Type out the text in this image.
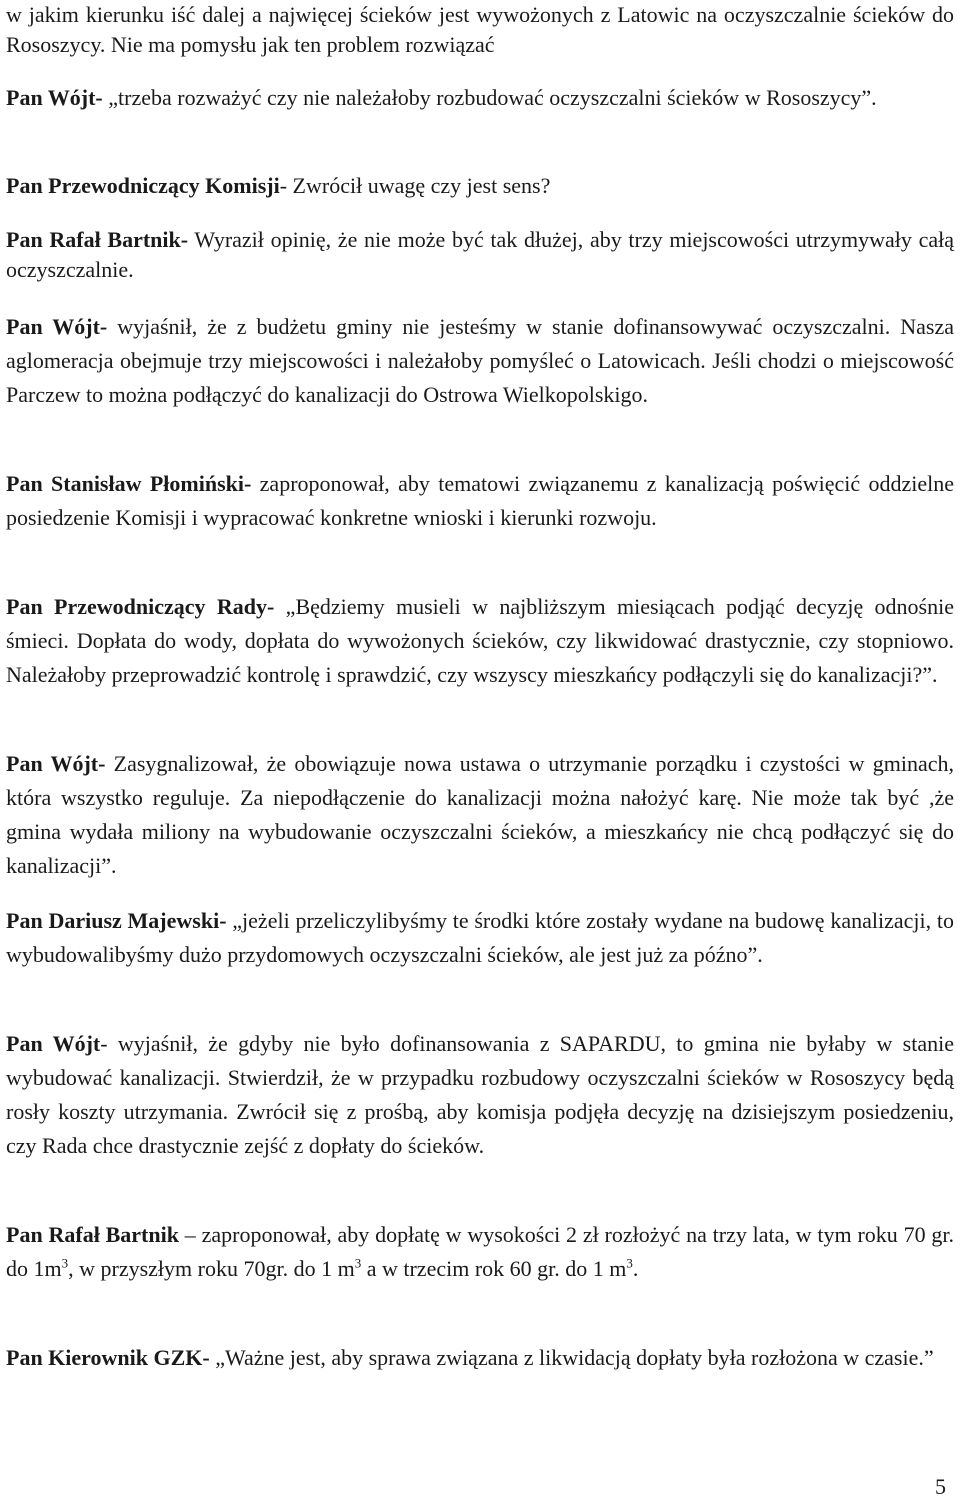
w jakim kierunku iść dalej a najwięcej ścieków jest wywożonych z Latowic na oczyszczalnie ścieków do Rososzycy. Nie ma pomysłu jak ten problem rozwiązać

Pan Wójt- „trzeba rozważyć czy nie należałoby rozbudować oczyszczalni ścieków w Rososzycy”.

Pan Przewodniczący Komisji- Zwrócił uwagę czy jest sens?

Pan Rafał Bartnik- Wyraził opinię, że nie może być tak dłużej, aby trzy miejscowości utrzymywały całą oczyszczalnie.

Pan Wójt- wyjaśnił, że z budżetu gminy nie jesteśmy w stanie dofinansowywać oczyszczalni. Nasza aglomeracja obejmuje trzy miejscowości i należałoby pomyśleć o Latowicach. Jeśli chodzi o miejscowość Parczew to można podłączyć do kanalizacji do Ostrowa Wielkopolskigo.

Pan Stanisław Płomiński- zaproponował, aby tematowi związanemu z kanalizacją poświęcić oddzielne posiedzenie Komisji i wypracować konkretne wnioski i kierunki rozwoju.

Pan Przewodniczący Rady- „Będziemy musieli w najbliższym miesiącach podjąć decyzję odnośnie śmieci. Dopłata do wody, dopłata do wywożonych ścieków, czy likwidować drastycznie, czy stopniowo. Należałoby przeprowadzić kontrolę i sprawdzić, czy wszyscy mieszkańcy podłączyli się do kanalizacji?”.

Pan Wójt- Zasygnalizował, że obowiązuje nowa ustawa o utrzymanie porządku i czystości w gminach, która wszystko reguluje. Za niepodłączenie do kanalizacji można nałożyć karę. Nie może tak być ,że gmina wydała miliony na wybudowanie oczyszczalni ścieków, a mieszkańcy nie chcą podłączyć się do kanalizacji”.

Pan Dariusz Majewski- „jeżeli przeliczylibyśmy te środki które zostały wydane na budowę kanalizacji, to wybudowalibyśmy dużo przydomowych oczyszczalni ścieków, ale jest już za późno”.

Pan Wójt- wyjaśnił, że gdyby nie było dofinansowania z SAPARDU, to gmina nie byłaby w stanie wybudować kanalizacji. Stwierdził, że w przypadku rozbudowy oczyszczalni ścieków w Rososzycy będą rosły koszty utrzymania. Zwrócił się z prośbą, aby komisja podjęła decyzję na dzisiejszym posiedzeniu, czy Rada chce drastycznie zejść z dopłaty do ścieków.

Pan Rafał Bartnik – zaproponował, aby dopłatę w wysokości 2 zł rozłożyć na trzy lata, w tym roku 70 gr. do $1m^3$, w przyszłym roku 70gr. do 1 $m^3$ a w trzecim rok 60 gr. do 1 $m^3$.

Pan Kierownik GZK- „Ważne jest, aby sprawa związana z likwidacją dopłaty była rozłożona w czasie.”

5
